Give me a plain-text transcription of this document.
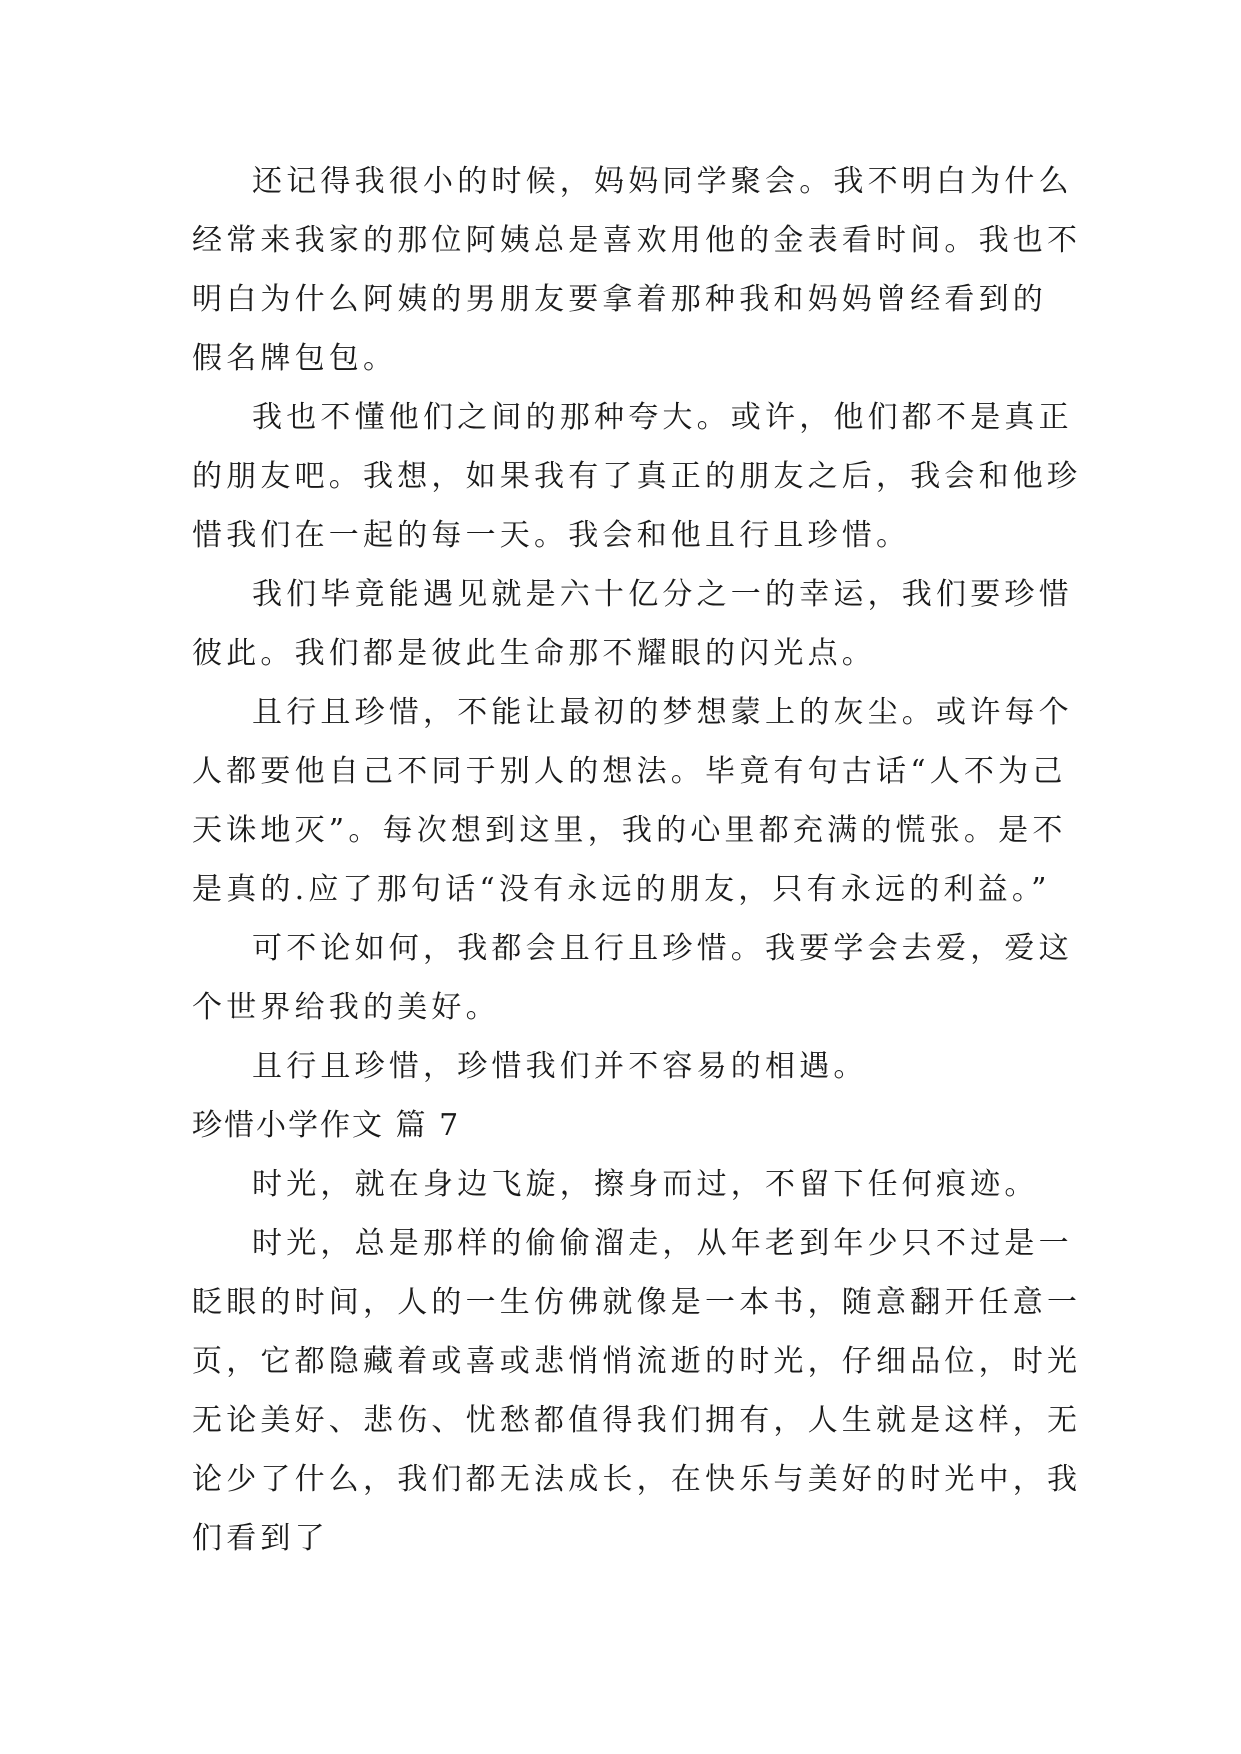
还记得我很小的时候，妈妈同学聚会。我不明白为什么
经常来我家的那位阿姨总是喜欢用他的金表看时间。我也不
明白为什么阿姨的男朋友要拿着那种我和妈妈曾经看到的
假名牌包包。
我也不懂他们之间的那种夸大。或许，他们都不是真正
的朋友吧。我想，如果我有了真正的朋友之后，我会和他珍
惜我们在一起的每一天。我会和他且行且珍惜。
我们毕竟能遇见就是六十亿分之一的幸运，我们要珍惜
彼此。我们都是彼此生命那不耀眼的闪光点。
且行且珍惜，不能让最初的梦想蒙上的灰尘。或许每个
人都要他自己不同于别人的想法。毕竟有句古话“人不为己
天诛地灭”。每次想到这里，我的心里都充满的慌张。是不
是真的.应了那句话“没有永远的朋友，只有永远的利益。”
可不论如何，我都会且行且珍惜。我要学会去爱，爱这
个世界给我的美好。
且行且珍惜，珍惜我们并不容易的相遇。
珍惜小学作文 篇 7
时光，就在身边飞旋，擦身而过，不留下任何痕迹。
时光，总是那样的偷偷溜走，从年老到年少只不过是一
眨眼的时间，人的一生仿佛就像是一本书，随意翻开任意一
页，它都隐藏着或喜或悲悄悄流逝的时光，仔细品位，时光
无论美好、悲伤、忧愁都值得我们拥有，人生就是这样，无
论少了什么，我们都无法成长，在快乐与美好的时光中，我
们看到了
